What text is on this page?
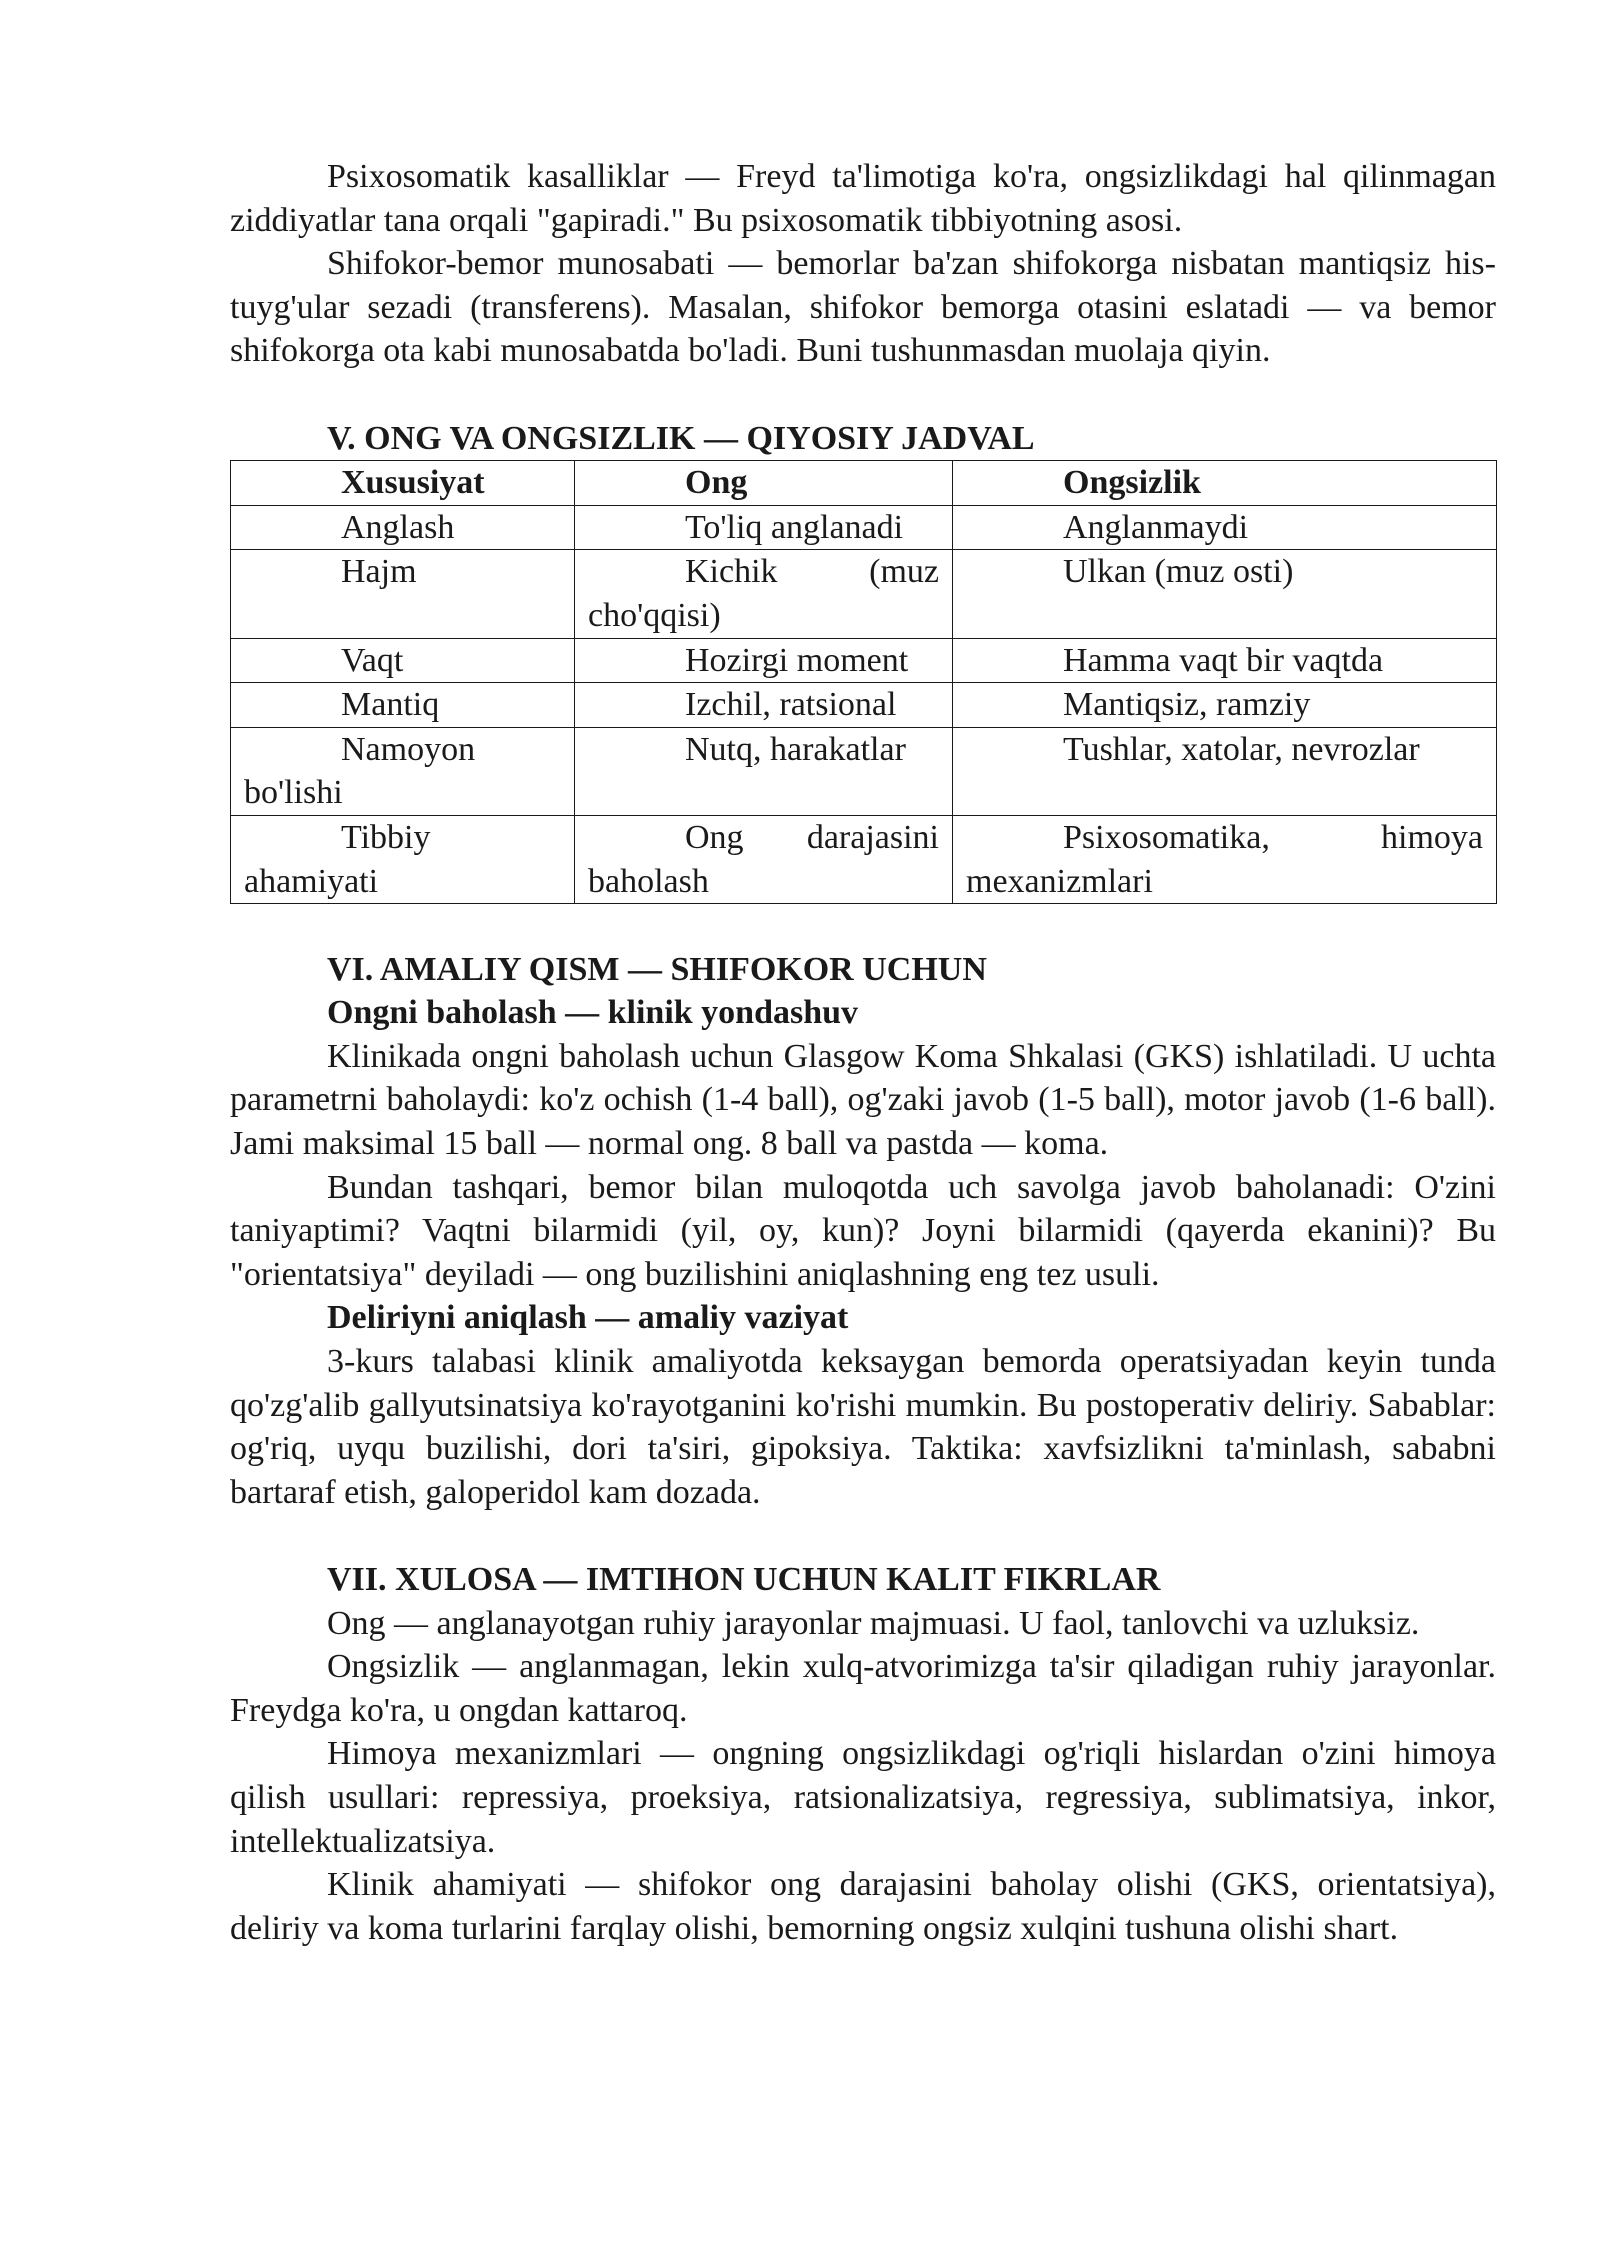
Psixosomatik kasalliklar — Freyd ta'limotiga ko'ra, ongsizlikdagi hal qilinmagan ziddiyatlar tana orqali "gapiradi." Bu psixosomatik tibbiyotning asosi.

Shifokor-bemor munosabati — bemorlar ba'zan shifokorga nisbatan mantiqsiz his-tuyg'ular sezadi (transferens). Masalan, shifokor bemorga otasini eslatadi — va bemor shifokorga ota kabi munosabatda bo'ladi. Buni tushunmasdan muolaja qiyin.

V. ONG VA ONGSIZLIK — QIYOSIY JADVAL
Xususiyat	Ong	Ongsizlik
Anglash	To'liq anglanadi	Anglanmaydi
Hajm	Kichik (muz cho'qqisi)	Ulkan (muz osti)
Vaqt	Hozirgi moment	Hamma vaqt bir vaqtda
Mantiq	Izchil, ratsional	Mantiqsiz, ramziy
Namoyon bo'lishi	Nutq, harakatlar	Tushlar, xatolar, nevrozlar
Tibbiy ahamiyati	Ong darajasini baholash	Psixosomatika, himoya mexanizmlari
VI. AMALIY QISM — SHIFOKOR UCHUN
Ongni baholash — klinik yondashuv

Klinikada ongni baholash uchun Glasgow Koma Shkalasi (GKS) ishlatiladi. U uchta parametrni baholaydi: ko'z ochish (1-4 ball), og'zaki javob (1-5 ball), motor javob (1-6 ball). Jami maksimal 15 ball — normal ong. 8 ball va pastda — koma.

Bundan tashqari, bemor bilan muloqotda uch savolga javob baholanadi: O'zini taniyaptimi? Vaqtni bilarmidi (yil, oy, kun)? Joyni bilarmidi (qayerda ekanini)? Bu "orientatsiya" deyiladi — ong buzilishini aniqlashning eng tez usuli.

Deliriyni aniqlash — amaliy vaziyat

3-kurs talabasi klinik amaliyotda keksaygan bemorda operatsiyadan keyin tunda qo'zg'alib gallyutsinatsiya ko'rayotganini ko'rishi mumkin. Bu postoperativ deliriy. Sabablar: og'riq, uyqu buzilishi, dori ta'siri, gipoksiya. Taktika: xavfsizlikni ta'minlash, sababni bartaraf etish, galoperidol kam dozada.

VII. XULOSA — IMTIHON UCHUN KALIT FIKRLAR

Ong — anglanayotgan ruhiy jarayonlar majmuasi. U faol, tanlovchi va uzluksiz.

Ongsizlik — anglanmagan, lekin xulq-atvorimizga ta'sir qiladigan ruhiy jarayonlar. Freydga ko'ra, u ongdan kattaroq.

Himoya mexanizmlari — ongning ongsizlikdagi og'riqli hislardan o'zini himoya qilish usullari: repressiya, proeksiya, ratsionalizatsiya, regressiya, sublimatsiya, inkor, intellektualizatsiya.

Klinik ahamiyati — shifokor ong darajasini baholay olishi (GKS, orientatsiya), deliriy va koma turlarini farqlay olishi, bemorning ongsiz xulqini tushuna olishi shart.
